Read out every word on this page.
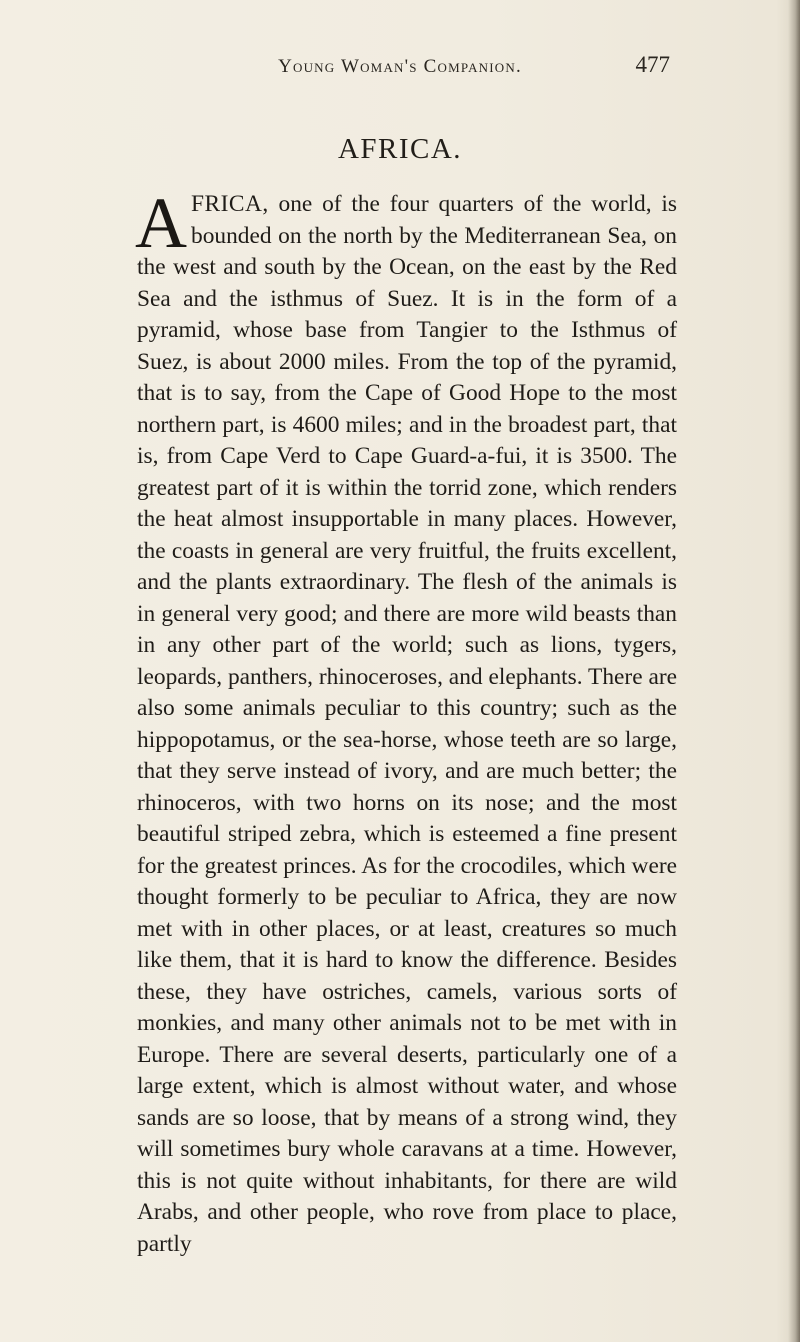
Young Woman's Companion.	477
AFRICA.

AFRICA, one of the four quarters of the world, is bounded on the north by the Mediterranean Sea, on the west and south by the Ocean, on the east by the Red Sea and the isthmus of Suez. It is in the form of a pyramid, whose base from Tangier to the Isthmus of Suez, is about 2000 miles. From the top of the pyramid, that is to say, from the Cape of Good Hope to the most northern part, is 4600 miles; and in the broadest part, that is, from Cape Verd to Cape Guard-a-fui, it is 3500. The greatest part of it is within the torrid zone, which renders the heat almost insupportable in many places. However, the coasts in general are very fruitful, the fruits excellent, and the plants extraordinary. The flesh of the animals is in general very good; and there are more wild beasts than in any other part of the world; such as lions, tygers, leopards, panthers, rhinoceroses, and elephants. There are also some animals peculiar to this country; such as the hippopotamus, or the sea-horse, whose teeth are so large, that they serve instead of ivory, and are much better; the rhinoceros, with two horns on its nose; and the most beautiful striped zebra, which is esteemed a fine present for the greatest princes. As for the crocodiles, which were thought formerly to be peculiar to Africa, they are now met with in other places, or at least, creatures so much like them, that it is hard to know the difference. Besides these, they have ostriches, camels, various sorts of monkies, and many other animals not to be met with in Europe. There are several deserts, particularly one of a large extent, which is almost without water, and whose sands are so loose, that by means of a strong wind, they will sometimes bury whole caravans at a time. However, this is not quite without inhabitants, for there are wild Arabs, and other people, who rove from place to place, partly
